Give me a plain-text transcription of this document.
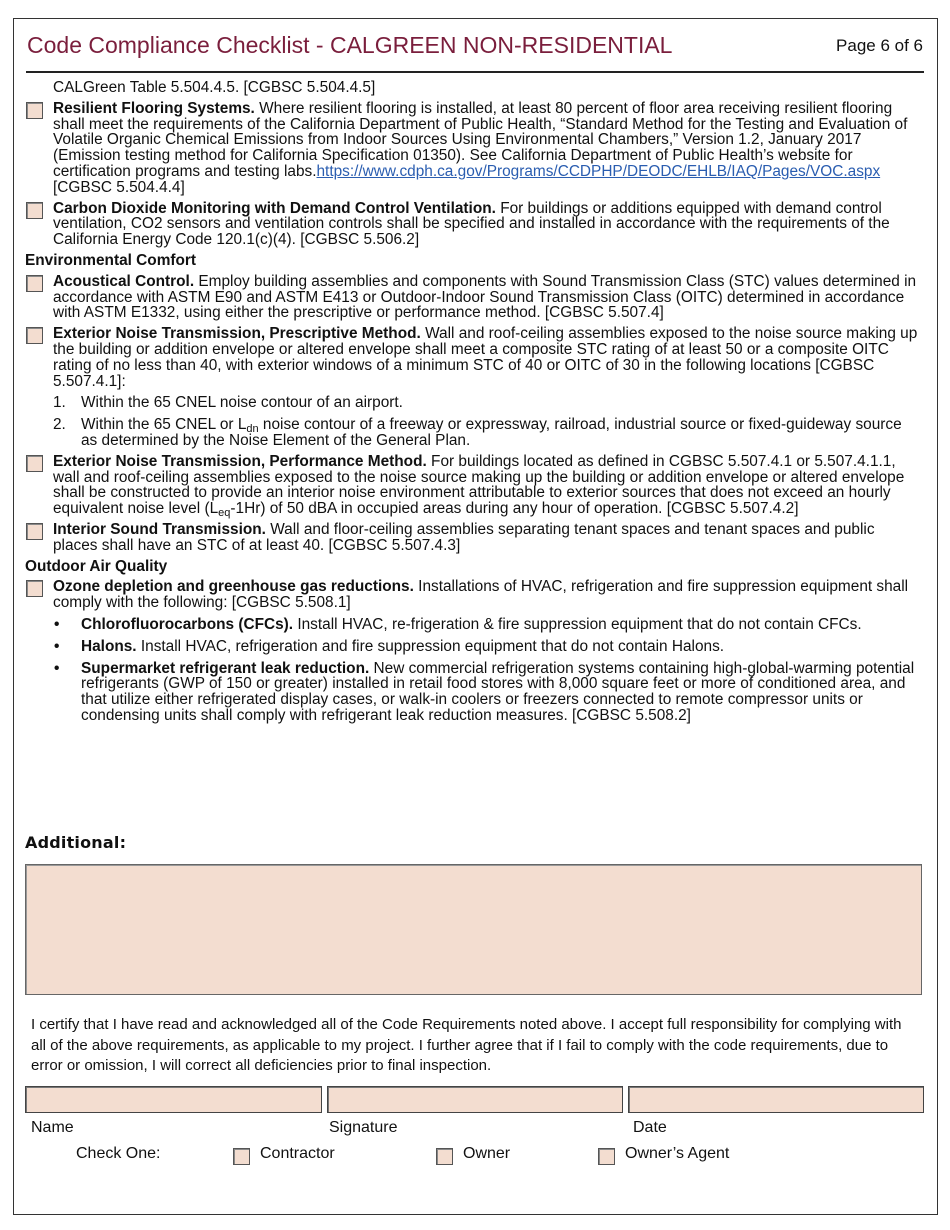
Code Compliance Checklist - CALGREEN NON-RESIDENTIAL	Page 6 of 6
CALGreen Table 5.504.4.5. [CGBSC 5.504.4.5]
Resilient Flooring Systems. Where resilient flooring is installed, at least 80 percent of floor area receiving resilient flooring shall meet the requirements of the California Department of Public Health, “Standard Method for the Testing and Evaluation of Volatile Organic Chemical Emissions from Indoor Sources Using Environmental Chambers,” Version 1.2, January 2017 (Emission testing method for California Specification 01350). See California Department of Public Health’s website for certification programs and testing labs.https://www.cdph.ca.gov/Programs/CCDPHP/DEODC/EHLB/IAQ/Pages/VOC.aspx [CGBSC 5.504.4.4]
Carbon Dioxide Monitoring with Demand Control Ventilation. For buildings or additions equipped with demand control ventilation, CO2 sensors and ventilation controls shall be specified and installed in accordance with the requirements of the California Energy Code 120.1(c)(4). [CGBSC 5.506.2]
Environmental Comfort
Acoustical Control. Employ building assemblies and components with Sound Transmission Class (STC) values determined in accordance with ASTM E90 and ASTM E413 or Outdoor-Indoor Sound Transmission Class (OITC) determined in accordance with ASTM E1332, using either the prescriptive or performance method. [CGBSC 5.507.4]
Exterior Noise Transmission, Prescriptive Method. Wall and roof-ceiling assemblies exposed to the noise source making up the building or addition envelope or altered envelope shall meet a composite STC rating of at least 50 or a composite OITC rating of no less than 40, with exterior windows of a minimum STC of 40 or OITC of 30 in the following locations [CGBSC 5.507.4.1]:
1. Within the 65 CNEL noise contour of an airport.
2. Within the 65 CNEL or $L_{dn}$ noise contour of a freeway or expressway, railroad, industrial source or fixed-guideway source as determined by the Noise Element of the General Plan.
Exterior Noise Transmission, Performance Method. For buildings located as defined in CGBSC 5.507.4.1 or 5.507.4.1.1, wall and roof-ceiling assemblies exposed to the noise source making up the building or addition envelope or altered envelope shall be constructed to provide an interior noise environment attributable to exterior sources that does not exceed an hourly equivalent noise level $(L_{eq}-1Hr)$ of 50 dBA in occupied areas during any hour of operation. [CGBSC 5.507.4.2]
Interior Sound Transmission. Wall and floor-ceiling assemblies separating tenant spaces and tenant spaces and public places shall have an STC of at least 40. [CGBSC 5.507.4.3]
Outdoor Air Quality
Ozone depletion and greenhouse gas reductions. Installations of HVAC, refrigeration and fire suppression equipment shall comply with the following: [CGBSC 5.508.1]
• Chlorofluorocarbons (CFCs). Install HVAC, re-frigeration & fire suppression equipment that do not contain CFCs.
• Halons. Install HVAC, refrigeration and fire suppression equipment that do not contain Halons.
• Supermarket refrigerant leak reduction. New commercial refrigeration systems containing high-global-warming potential refrigerants (GWP of 150 or greater) installed in retail food stores with 8,000 square feet or more of conditioned area, and that utilize either refrigerated display cases, or walk-in coolers or freezers connected to remote compressor units or condensing units shall comply with refrigerant leak reduction measures. [CGBSC 5.508.2]
Additional:
I certify that I have read and acknowledged all of the Code Requirements noted above. I accept full responsibility for complying with all of the above requirements, as applicable to my project. I further agree that if I fail to comply with the code requirements, due to error or omission, I will correct all deficiencies prior to final inspection.
Name	Signature	Date
Check One:	Contractor	Owner	Owner’s Agent
